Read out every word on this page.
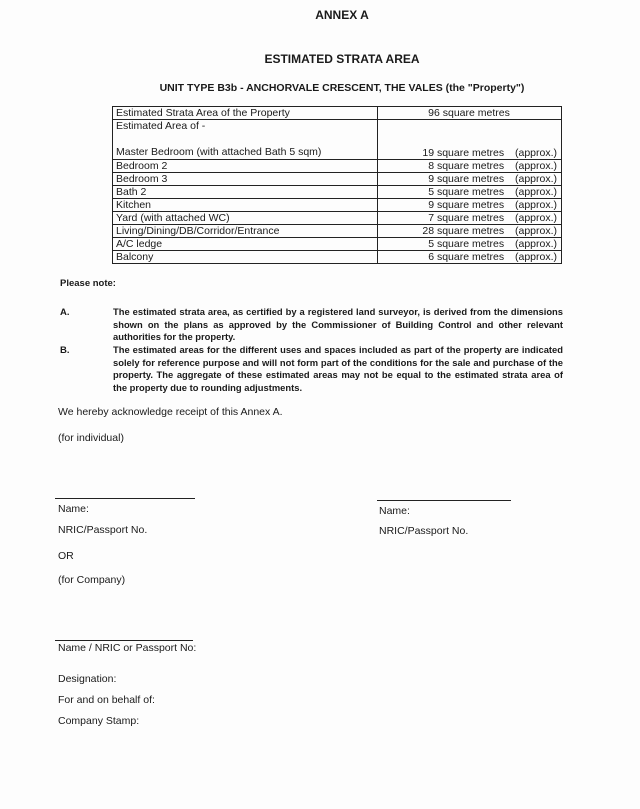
ANNEX A
ESTIMATED STRATA AREA
UNIT TYPE B3b - ANCHORVALE CRESCENT, THE VALES (the "Property")
Estimated Strata Area of the Property	96 square metres

Estimated Area of -
Master Bedroom (with attached Bath 5 sqm)	19 square metres (approx.)
Bedroom 2	8 square metres (approx.)
Bedroom 3	9 square metres (approx.)
Bath 2	5 square metres (approx.)
Kitchen	9 square metres (approx.)
Yard (with attached WC)	7 square metres (approx.)
Living/Dining/DB/Corridor/Entrance	28 square metres (approx.)
A/C ledge	5 square metres (approx.)
Balcony	6 square metres (approx.)
Please note:
A.	The estimated strata area, as certified by a registered land surveyor, is derived from the dimensions shown on the plans as approved by the Commissioner of Building Control and other relevant authorities for the property.
B.	The estimated areas for the different uses and spaces included as part of the property are indicated solely for reference purpose and will not form part of the conditions for the sale and purchase of the property. The aggregate of these estimated areas may not be equal to the estimated strata area of the property due to rounding adjustments.
We hereby acknowledge receipt of this Annex A.
(for individual)
Name:
NRIC/Passport No.
Name:
NRIC/Passport No.
OR
(for Company)
Name / NRIC or Passport No:
Designation:
For and on behalf of:
Company Stamp:
